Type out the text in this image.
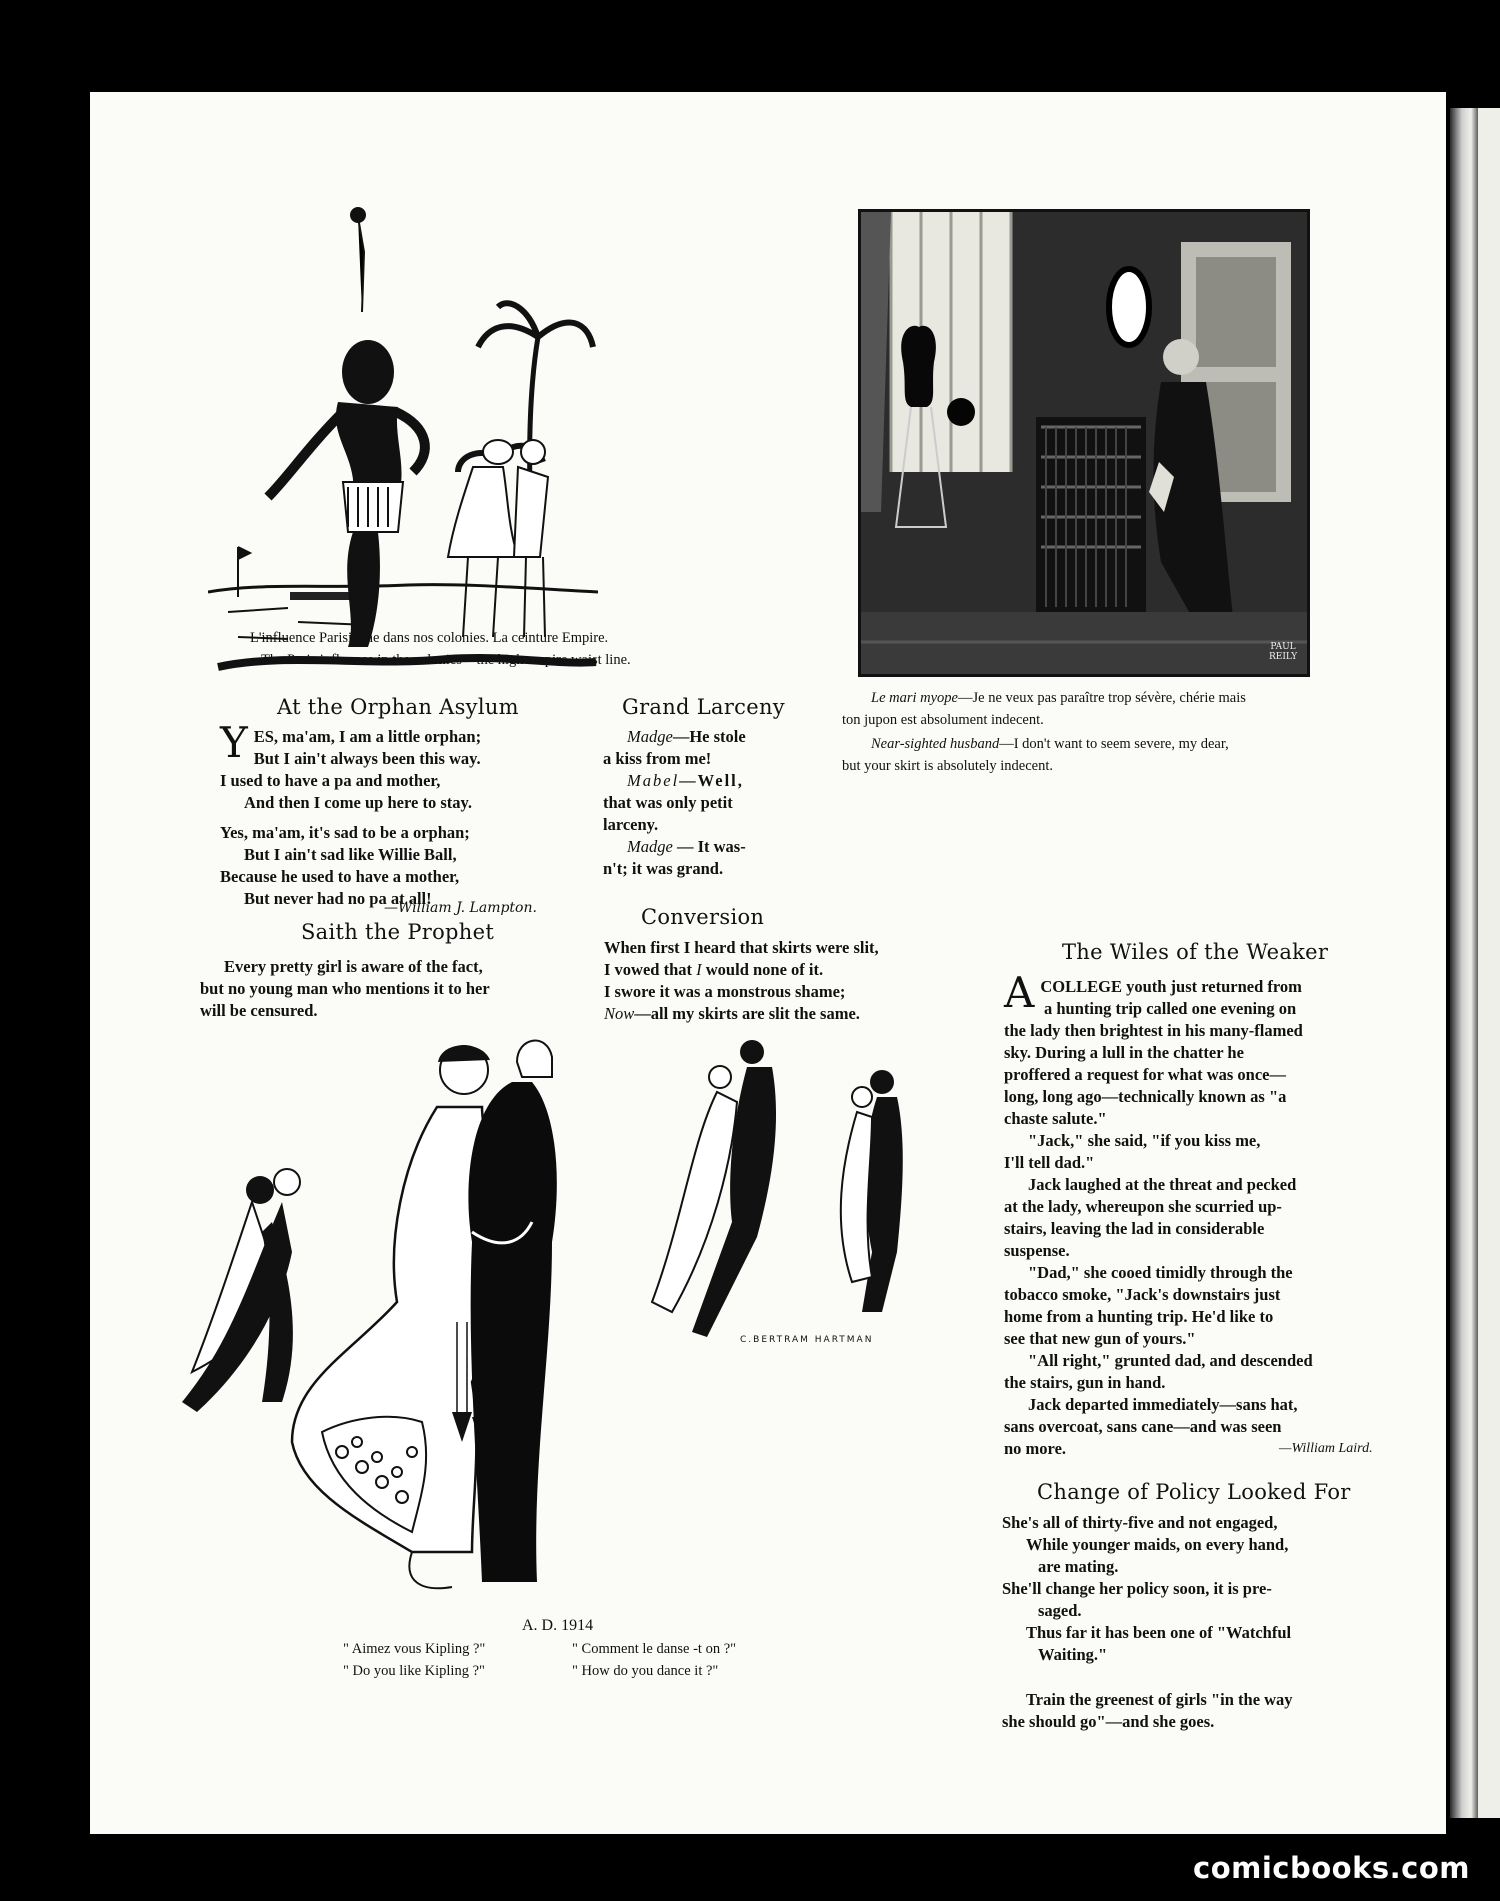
L'influence Parisienne dans nos colonies. La ceinture Empire.
The Paris influence in the colonies—the high empire waist line.
PAUL REILY
Le mari myope—Je ne veux pas paraître trop sévère, chérie mais
ton jupon est absolument indecent.
Near-sighted husband—I don't want to seem severe, my dear,
but your skirt is absolutely indecent.
At the Orphan Asylum
Y ES, ma'am, I am a little orphan;
But I ain't always been this way.
I used to have a pa and mother,
And then I come up here to stay.
Yes, ma'am, it's sad to be a orphan;
But I ain't sad like Willie Ball,
Because he used to have a mother,
But never had no pa at all!
—William J. Lampton.
Grand Larceny
Madge—He stole
a kiss from me!
Mabel—Well,
that was only petit
larceny.
Madge — It was-
n't; it was grand.
Saith the Prophet
Every pretty girl is aware of the fact,
but no young man who mentions it to her
will be censured.
Conversion
When first I heard that skirts were slit,
I vowed that I would none of it.
I swore it was a monstrous shame;
Now—all my skirts are slit the same.
The Wiles of the Weaker
A COLLEGE youth just returned from
a hunting trip called one evening on
the lady then brightest in his many-flamed
sky. During a lull in the chatter he
proffered a request for what was once—
long, long ago—technically known as "a
chaste salute."
"Jack," she said, "if you kiss me,
I'll tell dad."
Jack laughed at the threat and pecked
at the lady, whereupon she scurried up-
stairs, leaving the lad in considerable
suspense.
"Dad," she cooed timidly through the
tobacco smoke, "Jack's downstairs just
home from a hunting trip. He'd like to
see that new gun of yours."
"All right," grunted dad, and descended
the stairs, gun in hand.
Jack departed immediately—sans hat,
sans overcoat, sans cane—and was seen
no more.	—William Laird.
Change of Policy Looked For
She's all of thirty-five and not engaged,
While younger maids, on every hand,
are mating.
She'll change her policy soon, it is pre-
saged.
Thus far it has been one of "Watchful
Waiting."
Train the greenest of girls "in the way
she should go"—and she goes.
C.BERTRAM HARTMAN
A. D. 1914
" Aimez vous Kipling ?"
" Do you like Kipling ?"
" Comment le danse -t on ?"
" How do you dance it ?"
comicbooks.com
